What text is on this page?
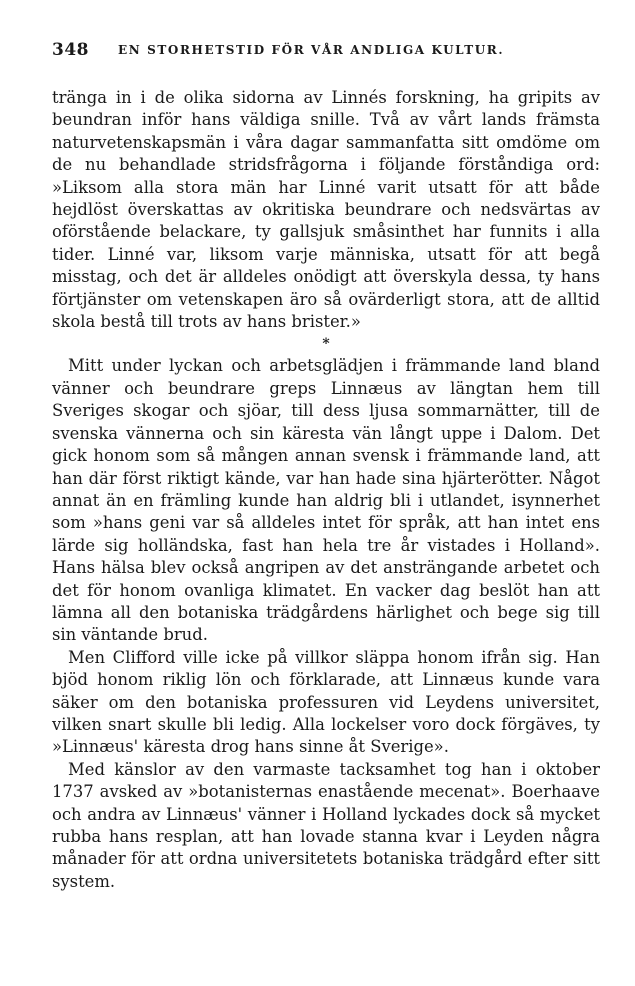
348 EN STORHETSTID FÖR VÅR ANDLIGA KULTUR.

tränga in i de olika sidorna av Linnés forskning, ha gripits av beundran inför hans väldiga snille. Två av vårt lands främsta naturvetenskapsmän i våra dagar sammanfatta sitt omdöme om de nu behandlade stridsfrågorna i följande förståndiga ord: »Liksom alla stora män har Linné varit utsatt för att både hejdlöst överskattas av okritiska beundrare och nedsvärtas av oförstående belackare, ty gallsjuk småsinthet har funnits i alla tider. Linné var, liksom varje människa, utsatt för att begå misstag, och det är alldeles onödigt att överskyla dessa, ty hans förtjänster om vetenskapen äro så ovärderligt stora, att de alltid skola bestå till trots av hans brister.»

*

Mitt under lyckan och arbetsglädjen i främmande land bland vänner och beundrare greps Linnæus av längtan hem till Sveriges skogar och sjöar, till dess ljusa sommarnätter, till de svenska vännerna och sin käresta vän långt uppe i Dalom. Det gick honom som så mången annan svensk i främmande land, att han där först riktigt kände, var han hade sina hjärterötter. Något annat än en främling kunde han aldrig bli i utlandet, isynnerhet som »hans geni var så alldeles intet för språk, att han intet ens lärde sig holländska, fast han hela tre år vistades i Holland». Hans hälsa blev också angripen av det ansträngande arbetet och det för honom ovanliga klimatet. En vacker dag beslöt han att lämna all den botaniska trädgårdens härlighet och bege sig till sin väntande brud.

Men Clifford ville icke på villkor släppa honom ifrån sig. Han bjöd honom riklig lön och förklarade, att Linnæus kunde vara säker om den botaniska professuren vid Leydens universitet, vilken snart skulle bli ledig. Alla lockelser voro dock förgäves, ty »Linnæus' käresta drog hans sinne åt Sverige».

Med känslor av den varmaste tacksamhet tog han i oktober 1737 avsked av »botanisternas enastående mecenat». Boerhaave och andra av Linnæus' vänner i Holland lyckades dock så mycket rubba hans resplan, att han lovade stanna kvar i Leyden några månader för att ordna universitetets botaniska trädgård efter sitt system.
